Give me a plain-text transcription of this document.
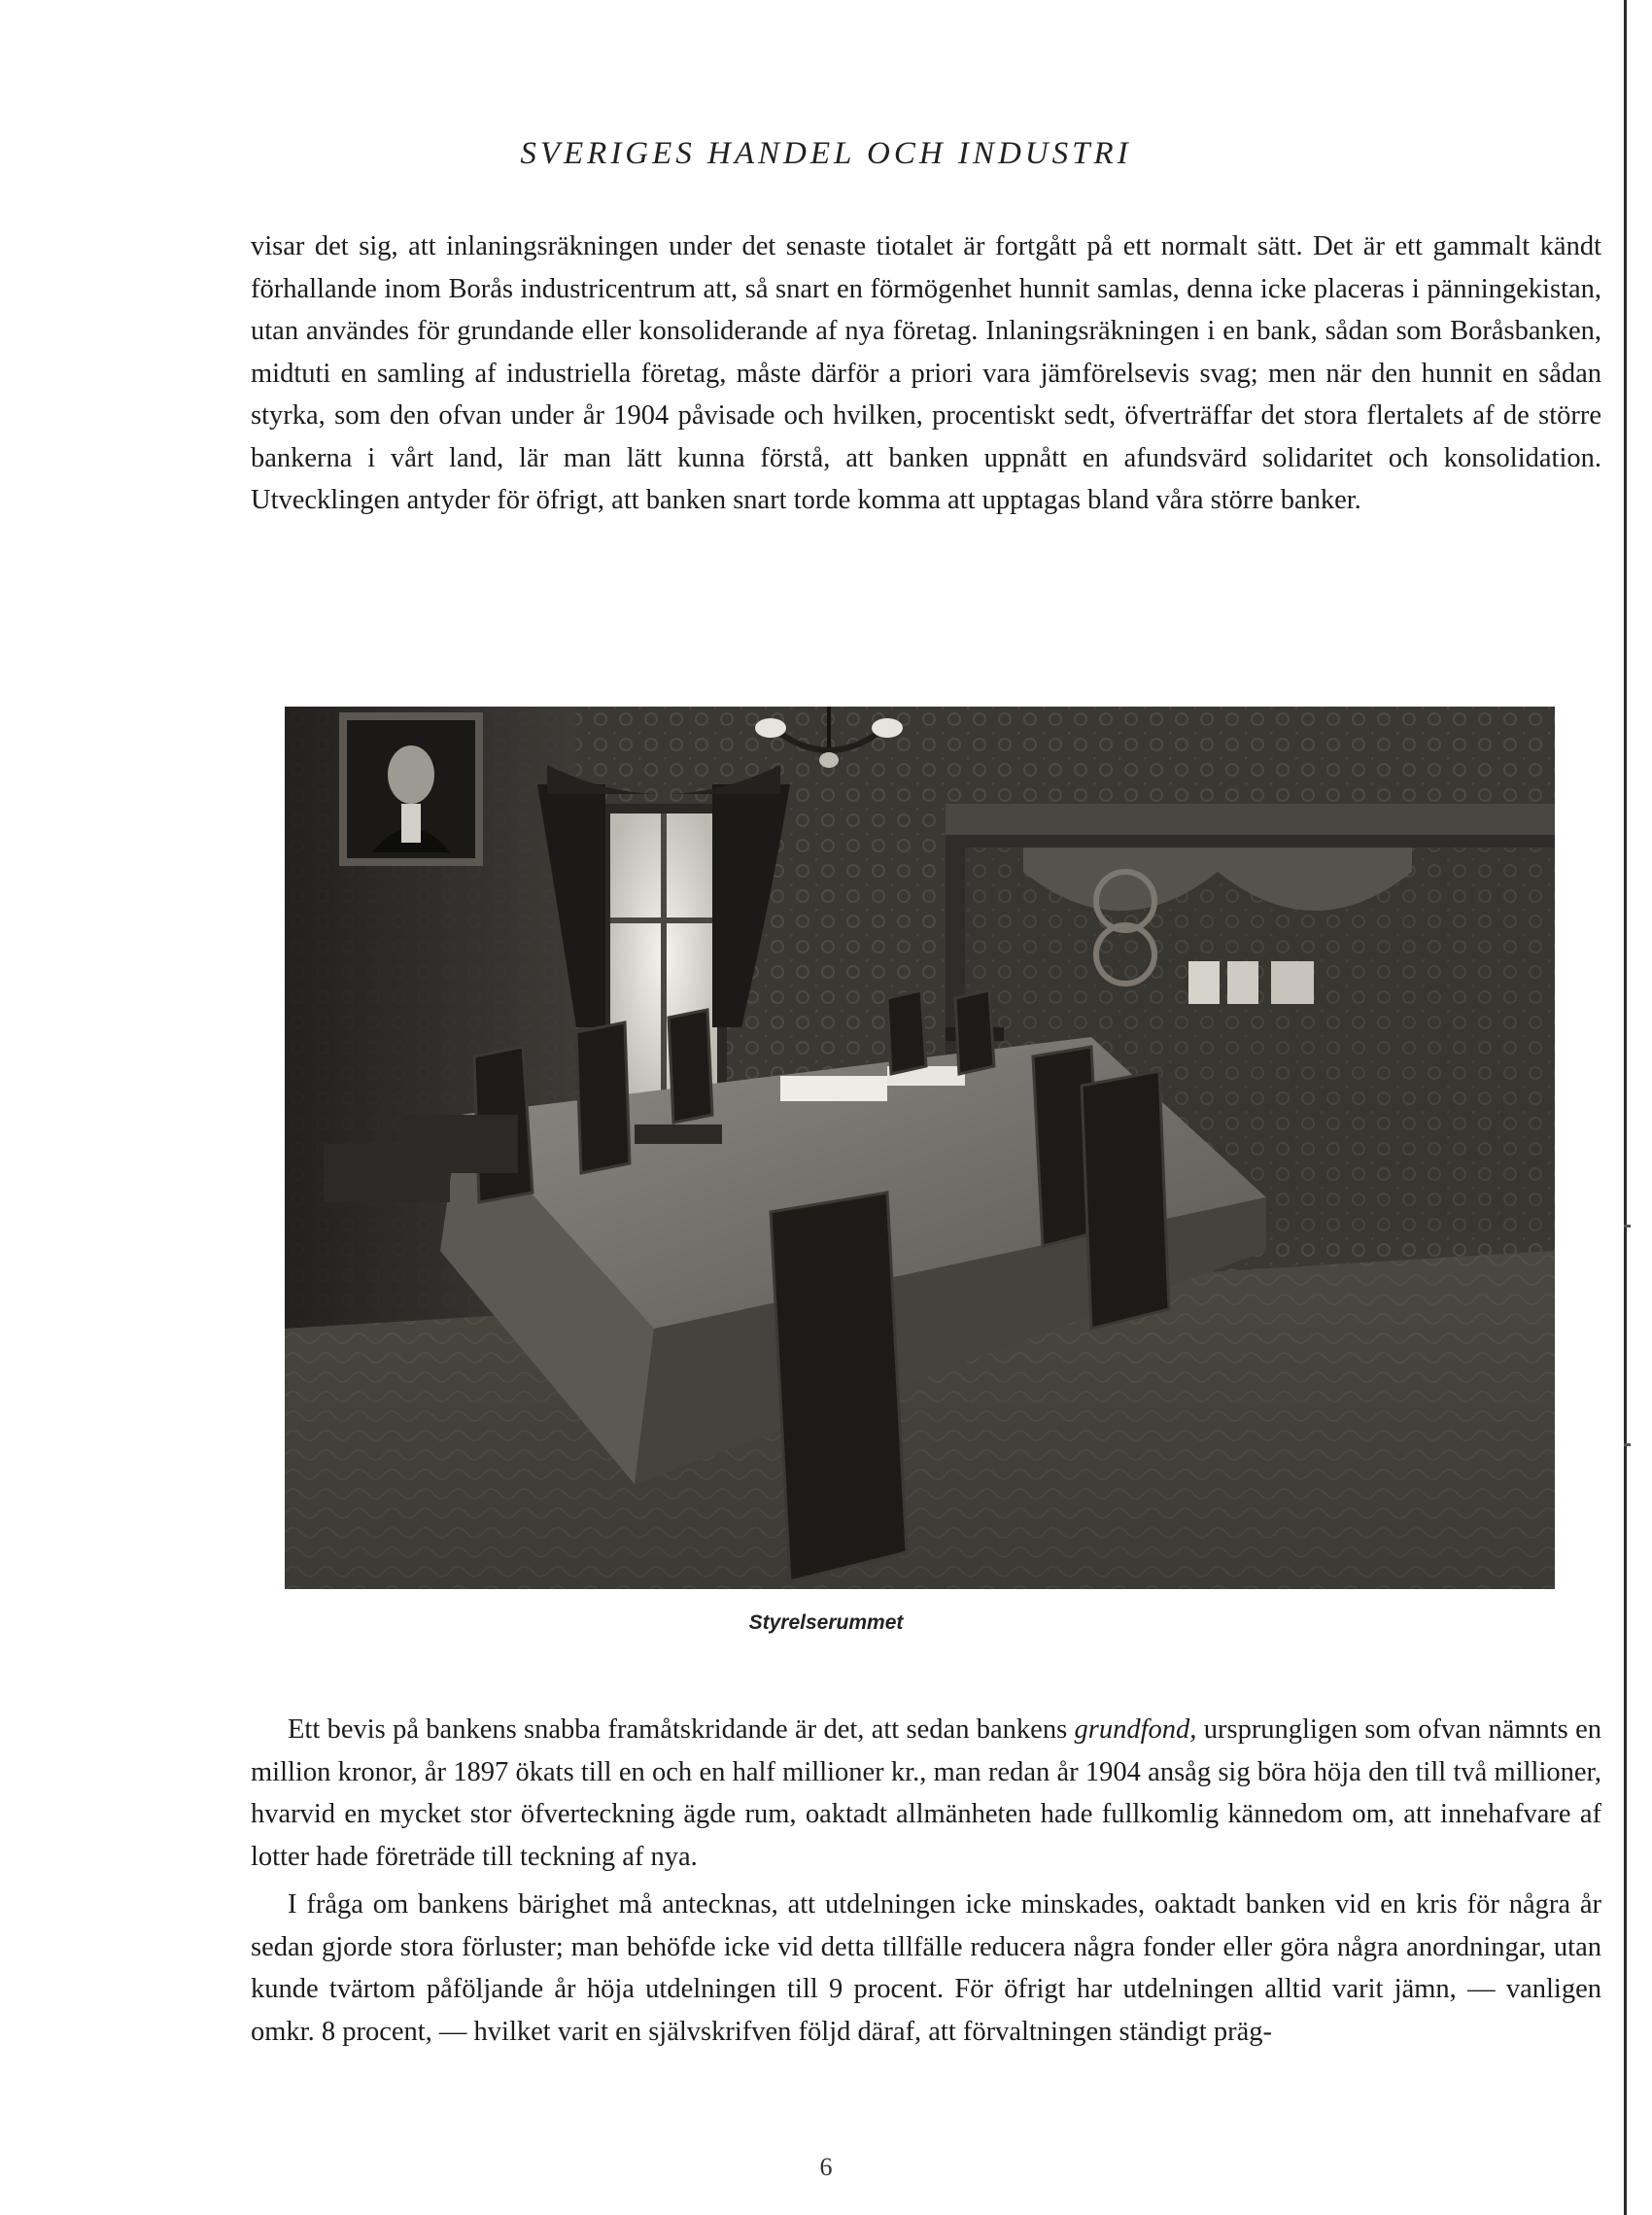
SVERIGES HANDEL OCH INDUSTRI

visar det sig, att inlaningsräkningen under det senaste tiotalet är fortgått på ett normalt sätt. Det är ett gammalt kändt förhallande inom Borås industricentrum att, så snart en förmögenhet hunnit samlas, denna icke placeras i pänningekistan, utan användes för grundande eller konsoliderande af nya företag. Inlaningsräkningen i en bank, sådan som Boråsbanken, midtuti en samling af industriella företag, måste därför a priori vara jämförelsevis svag; men när den hunnit en sådan styrka, som den ofvan under år 1904 påvisade och hvilken, procentiskt sedt, öfverträffar det stora flertalets af de större bankerna i vårt land, lär man lätt kunna förstå, att banken uppnått en afundsvärd solidaritet och konsolidation. Utvecklingen antyder för öfrigt, att banken snart torde komma att upptagas bland våra större banker.

Styrelserummet

Ett bevis på bankens snabba framåtskridande är det, att sedan bankens grundfond, ursprungligen som ofvan nämnts en million kronor, år 1897 ökats till en och en half millioner kr., man redan år 1904 ansåg sig böra höja den till två millioner, hvarvid en mycket stor öfverteckning ägde rum, oaktadt allmänheten hade fullkomlig kännedom om, att innehafvare af lotter hade företräde till teckning af nya.

I fråga om bankens bärighet må antecknas, att utdelningen icke minskades, oaktadt banken vid en kris för några år sedan gjorde stora förluster; man behöfde icke vid detta tillfälle reducera några fonder eller göra några anordningar, utan kunde tvärtom påföljande år höja utdelningen till 9 procent. För öfrigt har utdelningen alltid varit jämn, — vanligen omkr. 8 procent, — hvilket varit en självskrifven följd däraf, att förvaltningen ständigt präg-

6
